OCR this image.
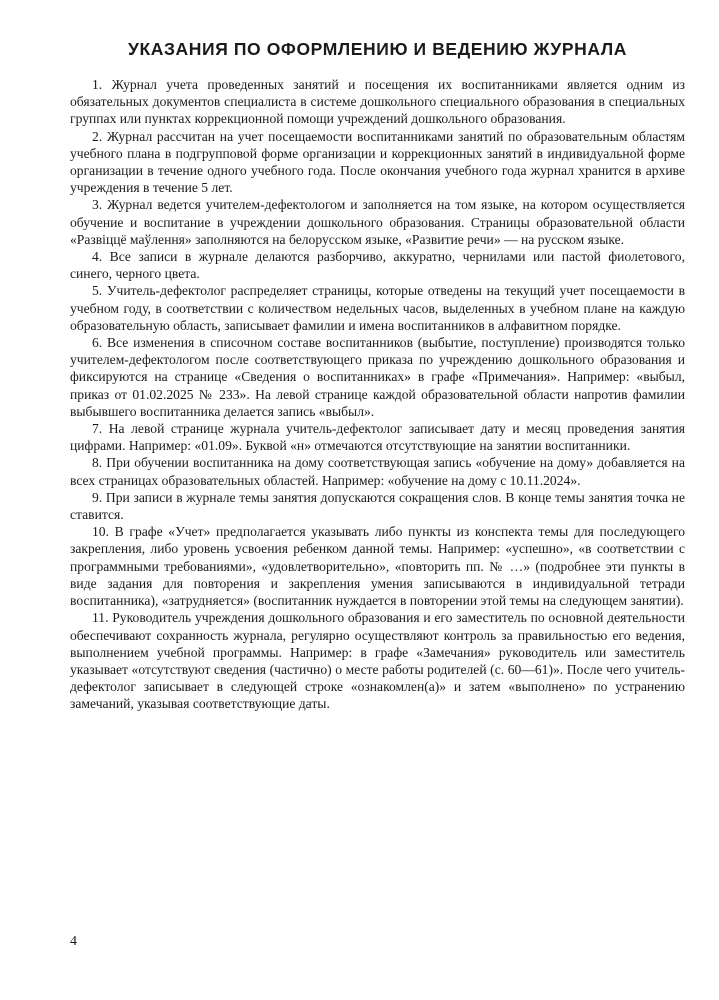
УКАЗАНИЯ ПО ОФОРМЛЕНИЮ И ВЕДЕНИЮ ЖУРНАЛА

1. Журнал учета проведенных занятий и посещения их воспитанниками является одним из обязательных документов специалиста в системе дошкольного специального образования в специальных группах или пунктах коррекционной помощи учреждений дошкольного образования.

2. Журнал рассчитан на учет посещаемости воспитанниками занятий по образовательным областям учебного плана в подгрупповой форме организации и коррекционных занятий в индивидуальной форме организации в течение одного учебного года. После окончания учебного года журнал хранится в архиве учреждения в течение 5 лет.

3. Журнал ведется учителем-дефектологом и заполняется на том языке, на котором осуществляется обучение и воспитание в учреждении дошкольного образования. Страницы образовательной области «Развіццё маўлення» заполняются на белорусском языке, «Развитие речи» — на русском языке.

4. Все записи в журнале делаются разборчиво, аккуратно, чернилами или пастой фиолетового, синего, черного цвета.

5. Учитель-дефектолог распределяет страницы, которые отведены на текущий учет посещаемости в учебном году, в соответствии с количеством недельных часов, выделенных в учебном плане на каждую образовательную область, записывает фамилии и имена воспитанников в алфавитном порядке.

6. Все изменения в списочном составе воспитанников (выбытие, поступление) производятся только учителем-дефектологом после соответствующего приказа по учреждению дошкольного образования и фиксируются на странице «Сведения о воспитанниках» в графе «Примечания». Например: «выбыл, приказ от 01.02.2025 № 233». На левой странице каждой образовательной области напротив фамилии выбывшего воспитанника делается запись «выбыл».

7. На левой странице журнала учитель-дефектолог записывает дату и месяц проведения занятия цифрами. Например: «01.09». Буквой «н» отмечаются отсутствующие на занятии воспитанники.

8. При обучении воспитанника на дому соответствующая запись «обучение на дому» добавляется на всех страницах образовательных областей. Например: «обучение на дому с 10.11.2024».

9. При записи в журнале темы занятия допускаются сокращения слов. В конце темы занятия точка не ставится.

10. В графе «Учет» предполагается указывать либо пункты из конспекта темы для последующего закрепления, либо уровень усвоения ребенком данной темы. Например: «успешно», «в соответствии с программными требованиями», «удовлетворительно», «повторить пп. № …» (подробнее эти пункты в виде задания для повторения и закрепления умения записываются в индивидуальной тетради воспитанника), «затрудняется» (воспитанник нуждается в повторении этой темы на следующем занятии).

11. Руководитель учреждения дошкольного образования и его заместитель по основной деятельности обеспечивают сохранность журнала, регулярно осуществляют контроль за правильностью его ведения, выполнением учебной программы. Например: в графе «Замечания» руководитель или заместитель указывает «отсутствуют сведения (частично) о месте работы родителей (с. 60—61)». После чего учитель-дефектолог записывает в следующей строке «ознакомлен(а)» и затем «выполнено» по устранению замечаний, указывая соответствующие даты.

4
